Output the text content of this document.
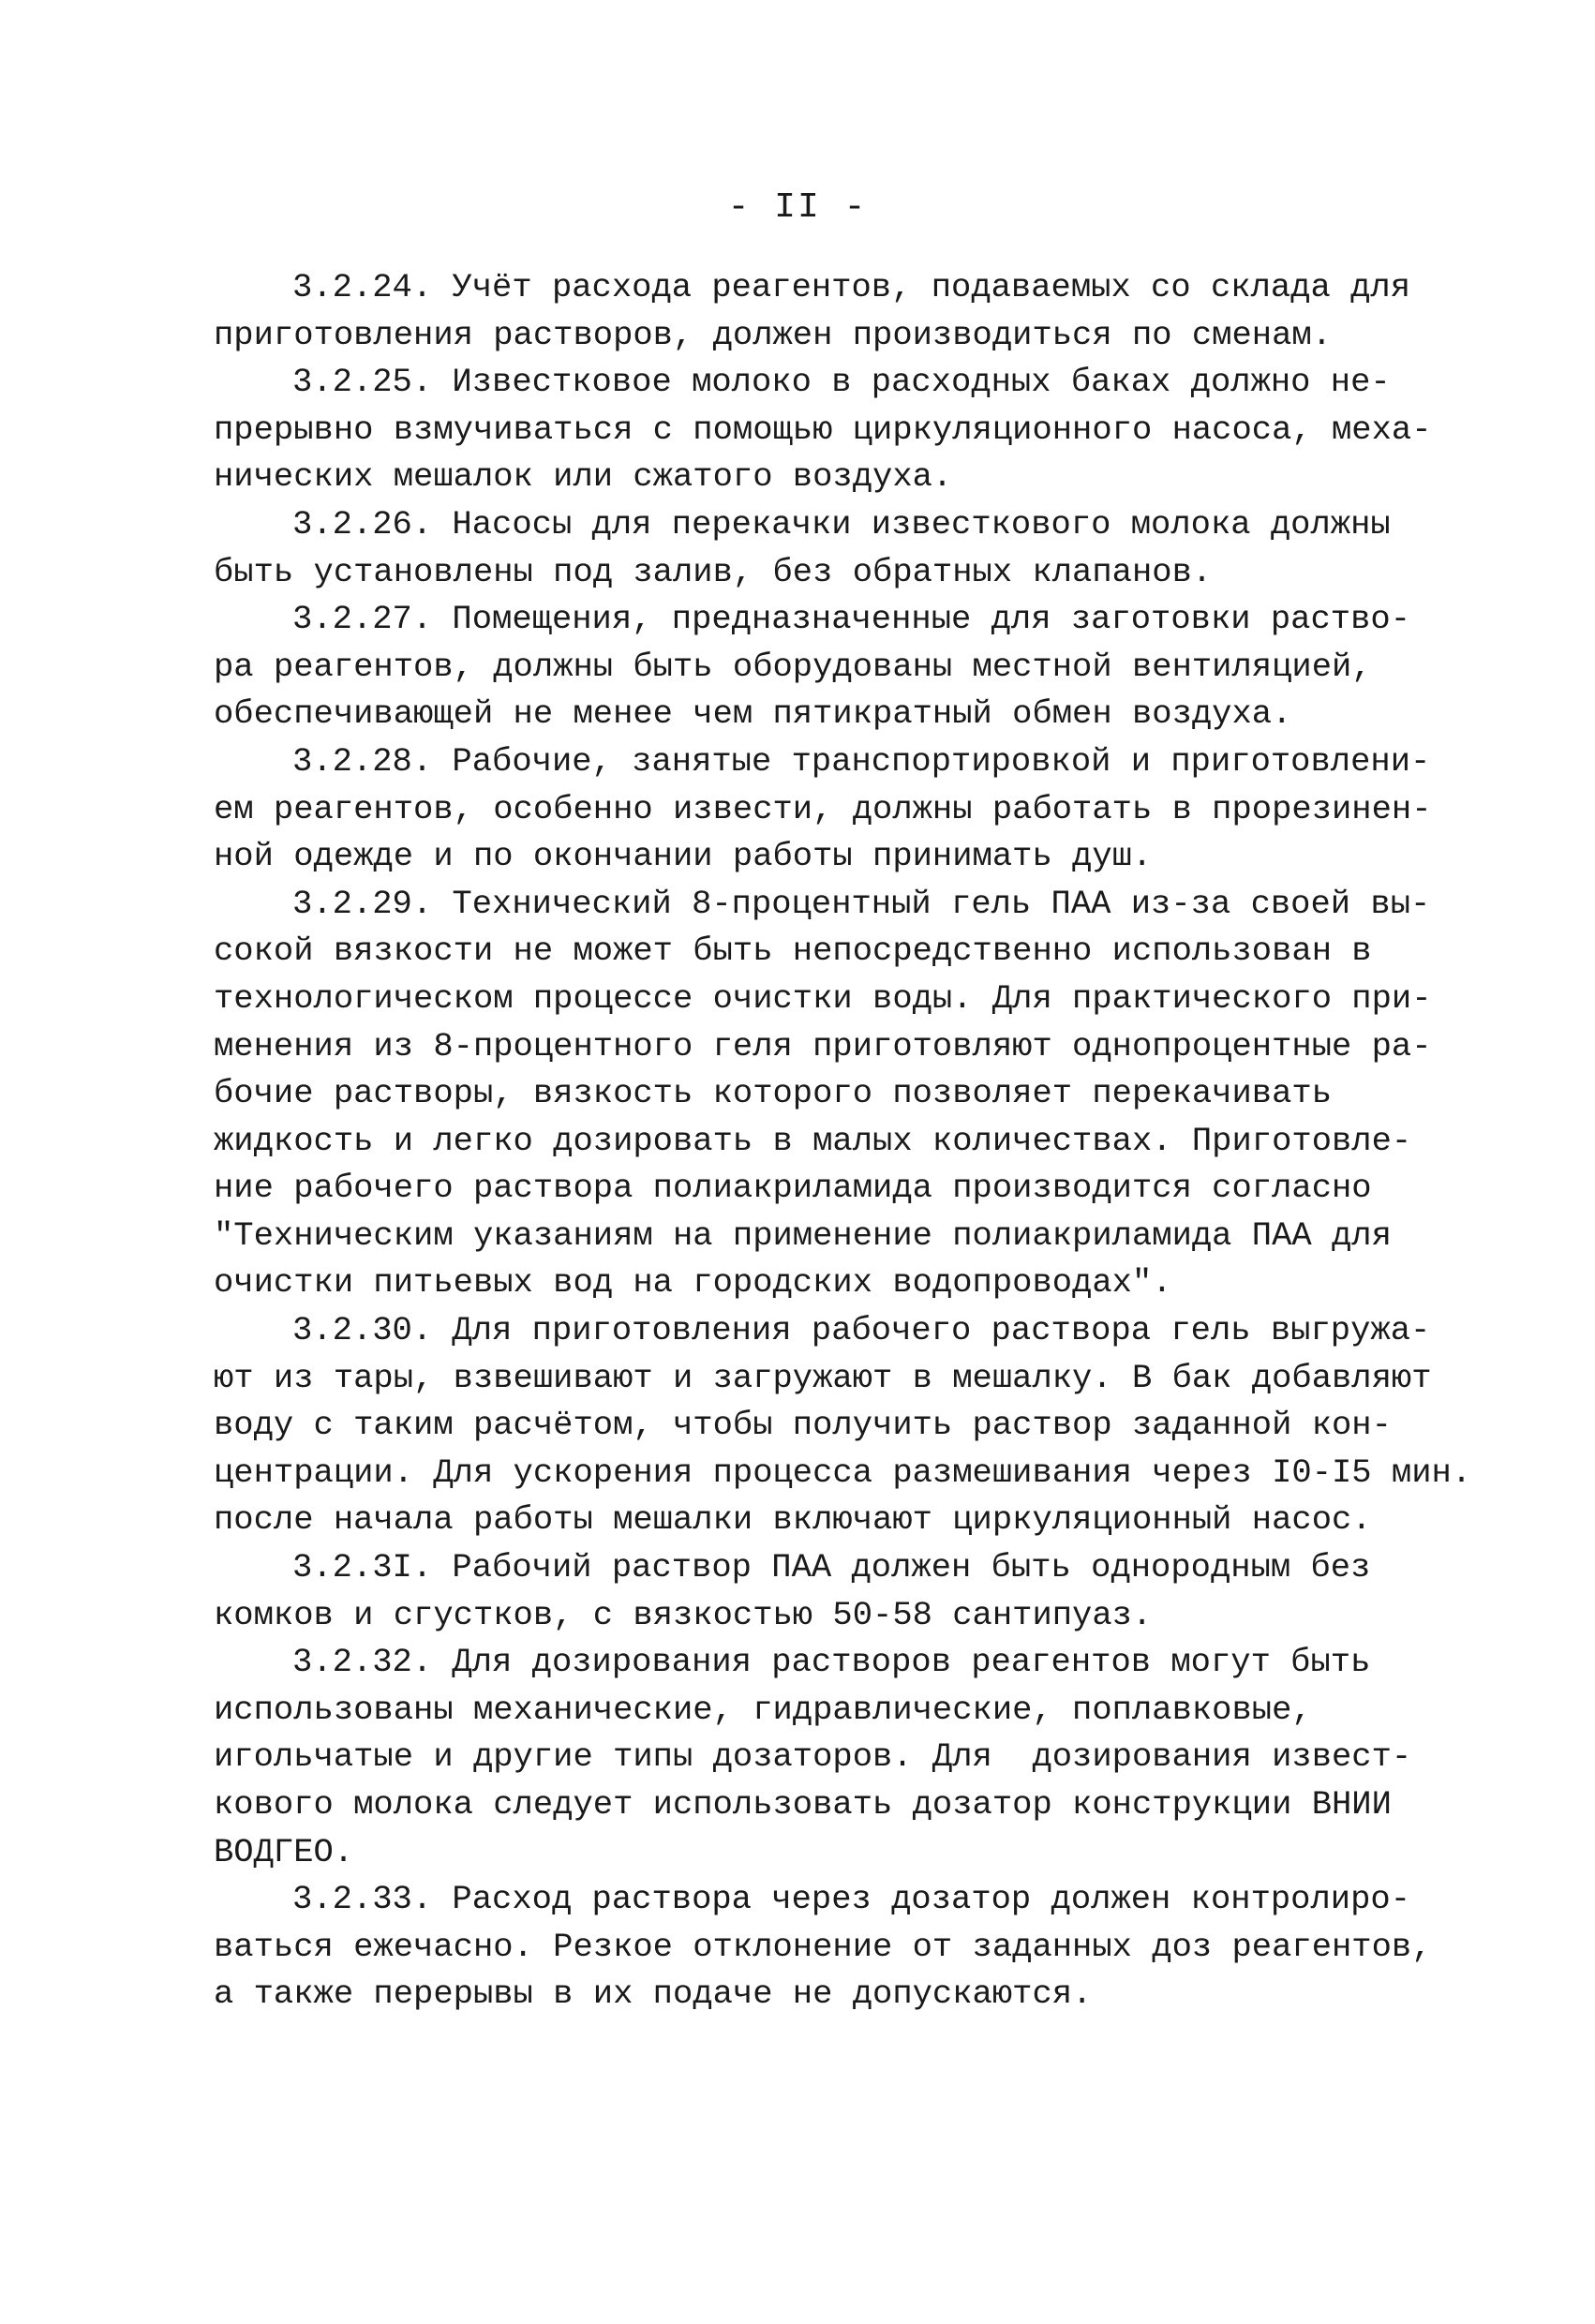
- II -
3.2.24. Учёт расхода реагентов, подаваемых со склада для
приготовления растворов, должен производиться по сменам.
3.2.25. Известковое молоко в расходных баках должно не-
прерывно взмучиваться с помощью циркуляционного насоса, меха-
нических мешалок или сжатого воздуха.
3.2.26. Насосы для перекачки известкового молока должны
быть установлены под залив, без обратных клапанов.
3.2.27. Помещения, предназначенные для заготовки раство-
ра реагентов, должны быть оборудованы местной вентиляцией,
обеспечивающей не менее чем пятикратный обмен воздуха.
3.2.28. Рабочие, занятые транспортировкой и приготовлени-
ем реагентов, особенно извести, должны работать в прорезинен-
ной одежде и по окончании работы принимать душ.
3.2.29. Технический 8-процентный гель ПАА из-за своей вы-
сокой вязкости не может быть непосредственно использован в
технологическом процессе очистки воды. Для практического при-
менения из 8-процентного геля приготовляют однопроцентные ра-
бочие растворы, вязкость которого позволяет перекачивать
жидкость и легко дозировать в малых количествах. Приготовле-
ние рабочего раствора полиакриламида производится согласно
"Техническим указаниям на применение полиакриламида ПАА для
очистки питьевых вод на городских водопроводах".
3.2.30. Для приготовления рабочего раствора гель выгружа-
ют из тары, взвешивают и загружают в мешалку. В бак добавляют
воду с таким расчётом, чтобы получить раствор заданной кон-
центрации. Для ускорения процесса размешивания через I0-I5 мин.
после начала работы мешалки включают циркуляционный насос.
3.2.3I. Рабочий раствор ПАА должен быть однородным без
комков и сгустков, с вязкостью 50-58 сантипуаз.
3.2.32. Для дозирования растворов реагентов могут быть
использованы механические, гидравлические, поплавковые,
игольчатые и другие типы дозаторов. Для  дозирования извест-
кового молока следует использовать дозатор конструкции ВНИИ
ВОДГЕО.
3.2.33. Расход раствора через дозатор должен контролиро-
ваться ежечасно. Резкое отклонение от заданных доз реагентов,
а также перерывы в их подаче не допускаются.
